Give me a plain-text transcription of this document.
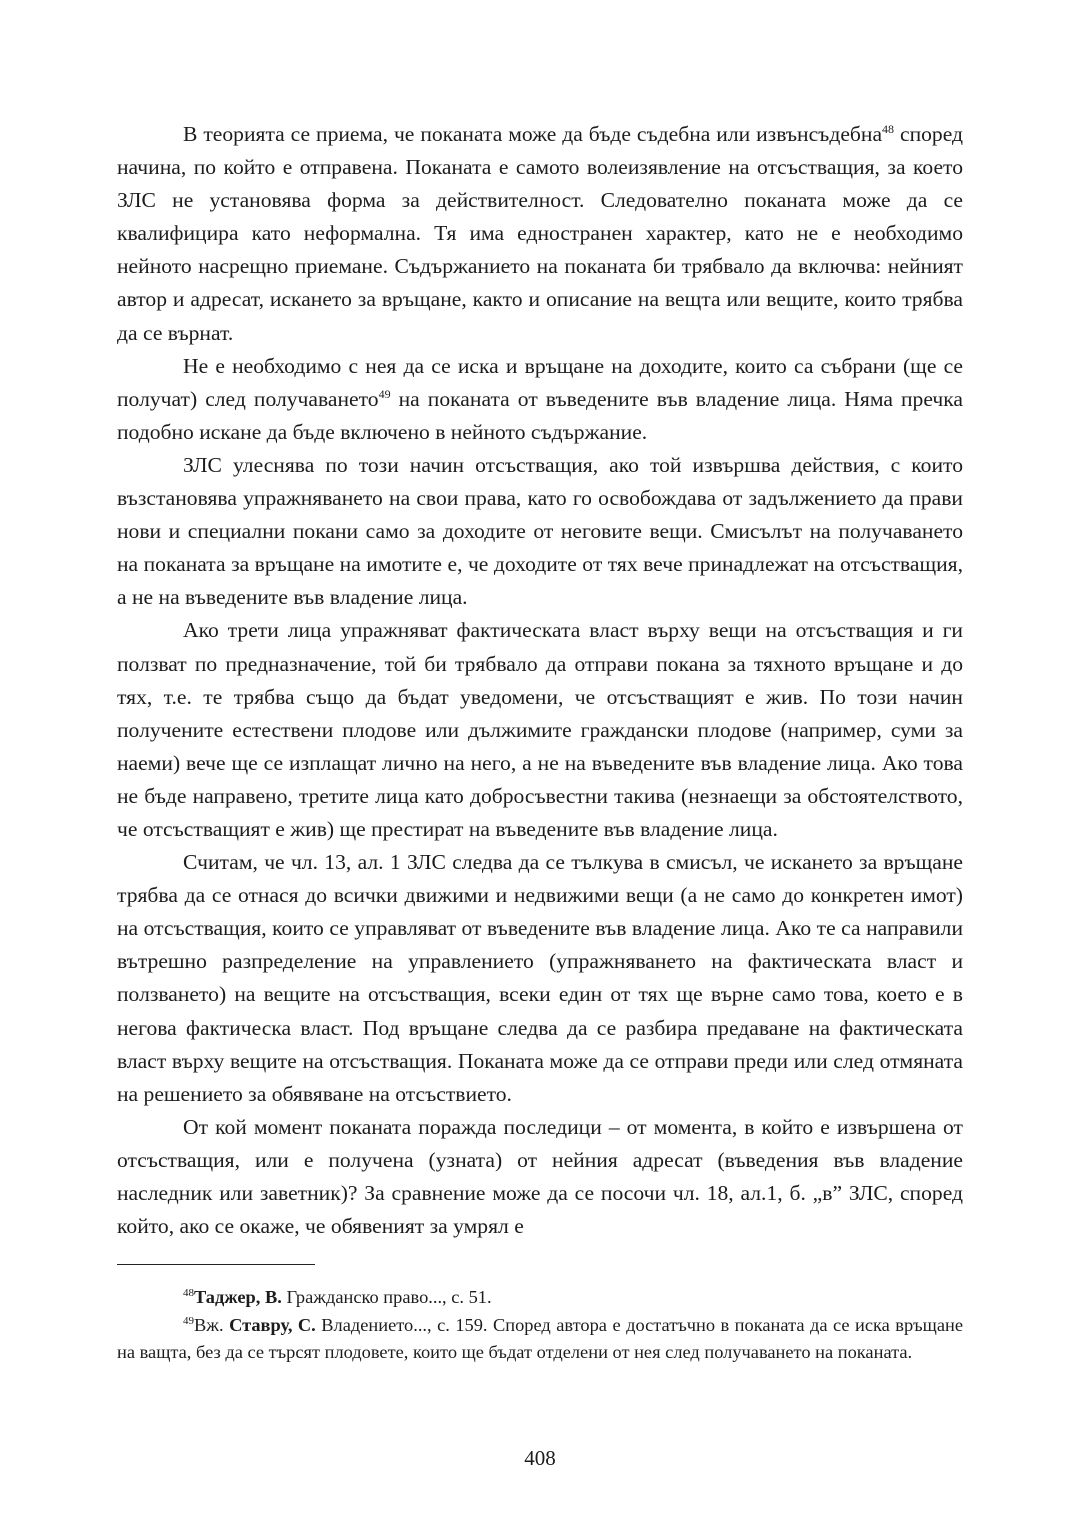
В теорията се приема, че поканата може да бъде съдебна или извънсъдебна$^{48}$ според начина, по който е отправена. Поканата е самото волеизявление на отсъстващия, за което ЗЛС не установява форма за действителност. Следователно поканата може да се квалифицира като неформална. Тя има едностранен характер, като не е необходимо нейното насрещно приемане. Съдържанието на поканата би трябвало да включва: нейният автор и адресат, искането за връщане, както и описание на вещта или вещите, които трябва да се върнат.

Не е необходимо с нея да се иска и връщане на доходите, които са събрани (ще се получат) след получаването$^{49}$ на поканата от въведените във владение лица. Няма пречка подобно искане да бъде включено в нейното съдържание.

ЗЛС улеснява по този начин отсъстващия, ако той извършва действия, с които възстановява упражняването на свои права, като го освобождава от задължението да прави нови и специални покани само за доходите от неговите вещи. Смисълът на получаването на поканата за връщане на имотите е, че доходите от тях вече принадлежат на отсъстващия, а не на въведените във владение лица.

Ако трети лица упражняват фактическата власт върху вещи на отсъстващия и ги ползват по предназначение, той би трябвало да отправи покана за тяхното връщане и до тях, т.е. те трябва също да бъдат уведомени, че отсъстващият е жив. По този начин получените естествени плодове или дължимите граждански плодове (например, суми за наеми) вече ще се изплащат лично на него, а не на въведените във владение лица. Ако това не бъде направено, третите лица като добросъвестни такива (незнаещи за обстоятелството, че отсъстващият е жив) ще престират на въведените във владение лица.

Считам, че чл. 13, ал. 1 ЗЛС следва да се тълкува в смисъл, че искането за връщане трябва да се отнася до всички движими и недвижими вещи (а не само до конкретен имот) на отсъстващия, които се управляват от въведените във владение лица. Ако те са направили вътрешно разпределение на управлението (упражняването на фактическата власт и ползването) на вещите на отсъстващия, всеки един от тях ще върне само това, което е в негова фактическа власт. Под връщане следва да се разбира предаване на фактическата власт върху вещите на отсъстващия. Поканата може да се отправи преди или след отмяната на решението за обявяване на отсъствието.

От кой момент поканата поражда последици – от момента, в който е извършена от отсъстващия, или е получена (узната) от нейния адресат (въведения във владение наследник или заветник)? За сравнение може да се посочи чл. 18, ал.1, б. „в” ЗЛС, според който, ако се окаже, че обявеният за умрял е

$^{48}$Таджер, В. Гражданско право..., с. 51.

$^{49}$Вж. Ставру, С. Владението..., с. 159. Според автора е достатъчно в поканата да се иска връщане на ващта, без да се търсят плодовете, които ще бъдат отделени от нея след получаването на поканата.

408
